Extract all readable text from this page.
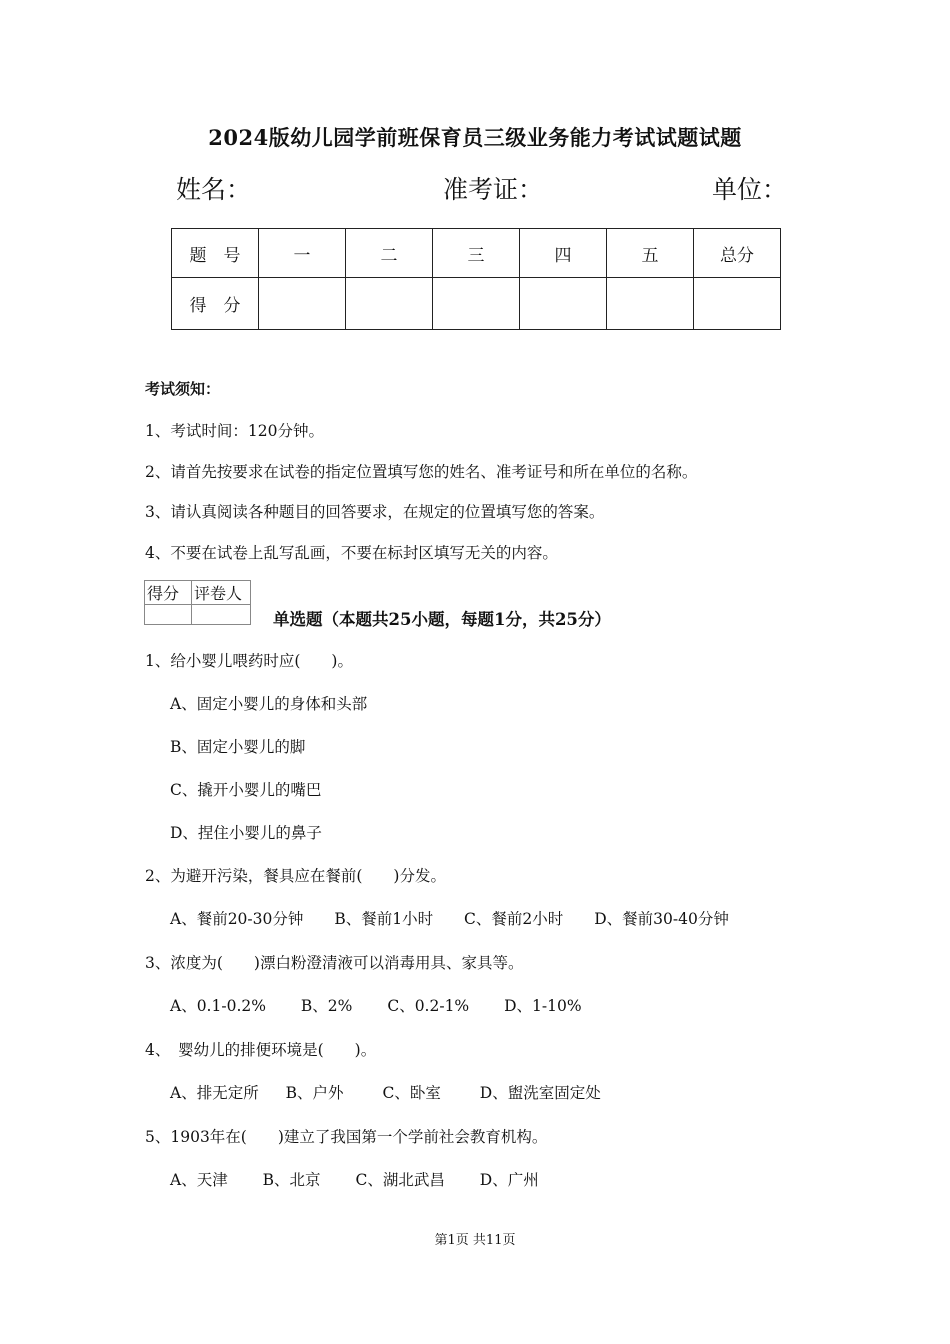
2024版幼儿园学前班保育员三级业务能力考试试题试题
姓名：	准考证：	单位：
题　号	一	二	三	四	五	总分
得　分						
考试须知：
1、考试时间：120分钟。
2、请首先按要求在试卷的指定位置填写您的姓名、准考证号和所在单位的名称。
3、请认真阅读各种题目的回答要求，在规定的位置填写您的答案。
4、不要在试卷上乱写乱画，不要在标封区填写无关的内容。
得分	评卷人

单选题（本题共25小题，每题1分，共25分）
1、给小婴儿喂药时应(　　)。
A、固定小婴儿的身体和头部
B、固定小婴儿的脚
C、撬开小婴儿的嘴巴
D、捏住小婴儿的鼻子
2、为避开污染，餐具应在餐前(　　)分发。
A、餐前20-30分钟 B、餐前1小时 C、餐前2小时 D、餐前30-40分钟
3、浓度为(　　)漂白粉澄清液可以消毒用具、家具等。
A、0.1-0.2% B、2% C、0.2-1% D、1-10%
4、　婴幼儿的排便环境是(　　)。
A、排无定所 B、户外	C、卧室	D、盥洗室固定处
5、1903年在(　　)建立了我国第一个学前社会教育机构。
A、天津 B、北京 C、湖北武昌 D、广州
第1页 共11页
